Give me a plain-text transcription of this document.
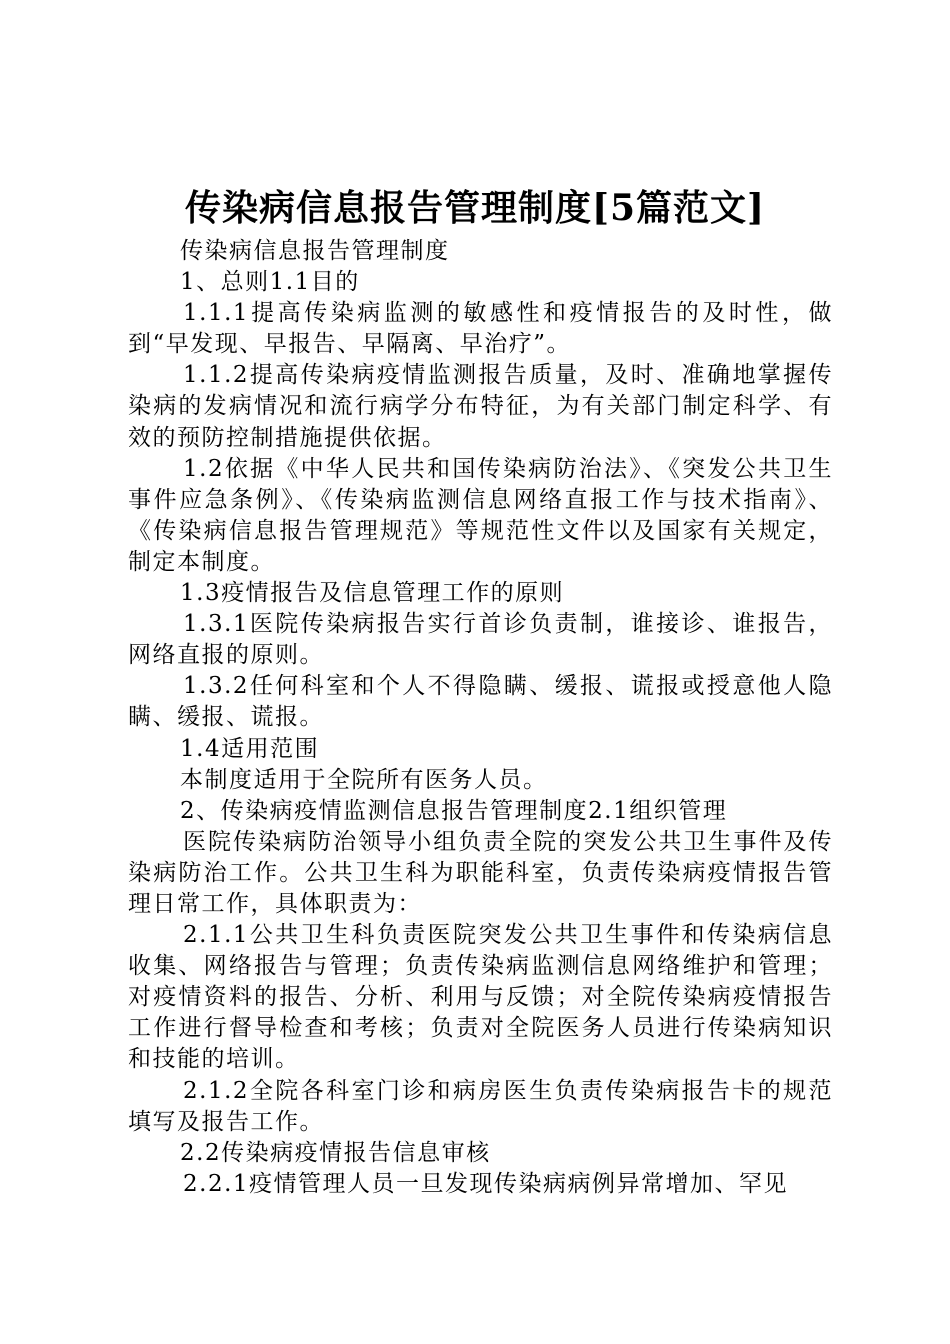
传染病信息报告管理制度[5篇范文]

传染病信息报告管理制度

1、总则1.1目的

1.1.1提高传染病监测的敏感性和疫情报告的及时性，做到“早发现、早报告、早隔离、早治疗”。

1.1.2提高传染病疫情监测报告质量，及时、准确地掌握传染病的发病情况和流行病学分布特征，为有关部门制定科学、有效的预防控制措施提供依据。

1.2依据《中华人民共和国传染病防治法》、《突发公共卫生事件应急条例》、《传染病监测信息网络直报工作与技术指南》、《传染病信息报告管理规范》等规范性文件以及国家有关规定，制定本制度。

1.3疫情报告及信息管理工作的原则

1.3.1医院传染病报告实行首诊负责制，谁接诊、谁报告，网络直报的原则。

1.3.2任何科室和个人不得隐瞒、缓报、谎报或授意他人隐瞒、缓报、谎报。

1.4适用范围

本制度适用于全院所有医务人员。

2、传染病疫情监测信息报告管理制度2.1组织管理

医院传染病防治领导小组负责全院的突发公共卫生事件及传染病防治工作。公共卫生科为职能科室，负责传染病疫情报告管理日常工作，具体职责为：

2.1.1公共卫生科负责医院突发公共卫生事件和传染病信息收集、网络报告与管理；负责传染病监测信息网络维护和管理；对疫情资料的报告、分析、利用与反馈；对全院传染病疫情报告工作进行督导检查和考核；负责对全院医务人员进行传染病知识和技能的培训。

2.1.2全院各科室门诊和病房医生负责传染病报告卡的规范填写及报告工作。

2.2传染病疫情报告信息审核

2.2.1疫情管理人员一旦发现传染病病例异常增加、罕见
